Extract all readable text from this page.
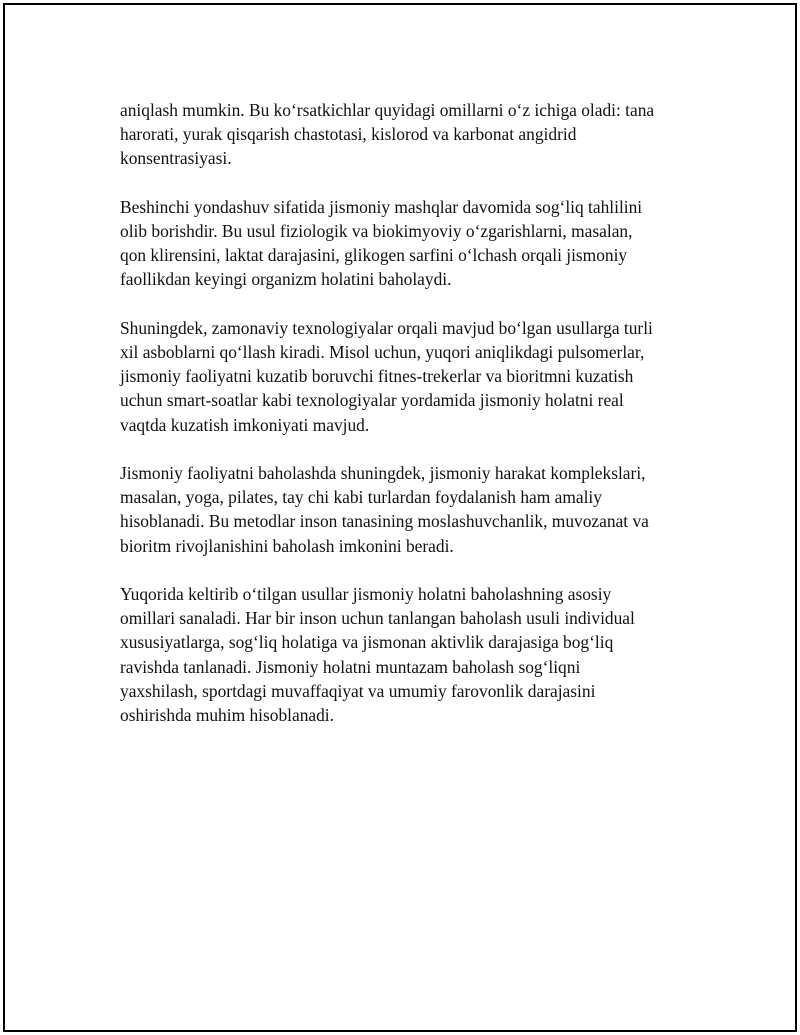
aniqlash mumkin. Bu ko‘rsatkichlar quyidagi omillarni o‘z ichiga oladi: tana
harorati, yurak qisqarish chastotasi, kislorod va karbonat angidrid
konsentrasiyasi.

Beshinchi yondashuv sifatida jismoniy mashqlar davomida sog‘liq tahlilini
olib borishdir. Bu usul fiziologik va biokimyoviy o‘zgarishlarni, masalan,
qon klirensini, laktat darajasini, glikogen sarfini o‘lchash orqali jismoniy
faollikdan keyingi organizm holatini baholaydi.

Shuningdek, zamonaviy texnologiyalar orqali mavjud bo‘lgan usullarga turli
xil asboblarni qo‘llash kiradi. Misol uchun, yuqori aniqlikdagi pulsomerlar,
jismoniy faoliyatni kuzatib boruvchi fitnes-trekerlar va bioritmni kuzatish
uchun smart-soatlar kabi texnologiyalar yordamida jismoniy holatni real
vaqtda kuzatish imkoniyati mavjud.

Jismoniy faoliyatni baholashda shuningdek, jismoniy harakat komplekslari,
masalan, yoga, pilates, tay chi kabi turlardan foydalanish ham amaliy
hisoblanadi. Bu metodlar inson tanasining moslashuvchanlik, muvozanat va
bioritm rivojlanishini baholash imkonini beradi.

Yuqorida keltirib o‘tilgan usullar jismoniy holatni baholashning asosiy
omillari sanaladi. Har bir inson uchun tanlangan baholash usuli individual
xususiyatlarga, sog‘liq holatiga va jismonan aktivlik darajasiga bog‘liq
ravishda tanlanadi. Jismoniy holatni muntazam baholash sog‘liqni
yaxshilash, sportdagi muvaffaqiyat va umumiy farovonlik darajasini
oshirishda muhim hisoblanadi.
